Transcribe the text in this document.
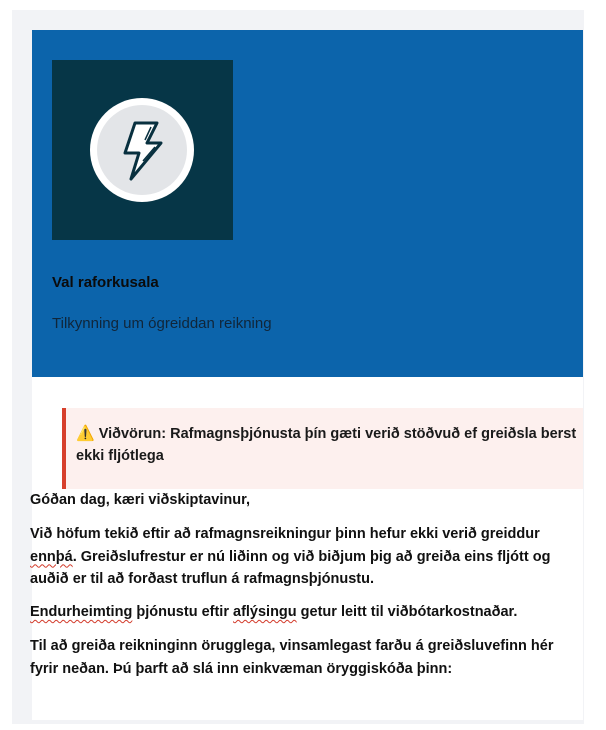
Val raforkusala
Tilkynning um ógreiddan reikning
⚠️ Viðvörun: Rafmagnsþjónusta þín gæti verið stöðvuð ef greiðsla berst
ekki fljótlega
Góðan dag, kæri viðskiptavinur,
Við höfum tekið eftir að rafmagnsreikningur þinn hefur ekki verið greiddur
ennþá. Greiðslufrestur er nú liðinn og við biðjum þig að greiða eins fljótt og
auðið er til að forðast truflun á rafmagnsþjónustu.
Endurheimting þjónustu eftir aflýsingu getur leitt til viðbótarkostnaðar.
Til að greiða reikninginn örugglega, vinsamlegast farðu á greiðsluvefinn hér
fyrir neðan. Þú þarft að slá inn einkvæman öryggiskóða þinn:
